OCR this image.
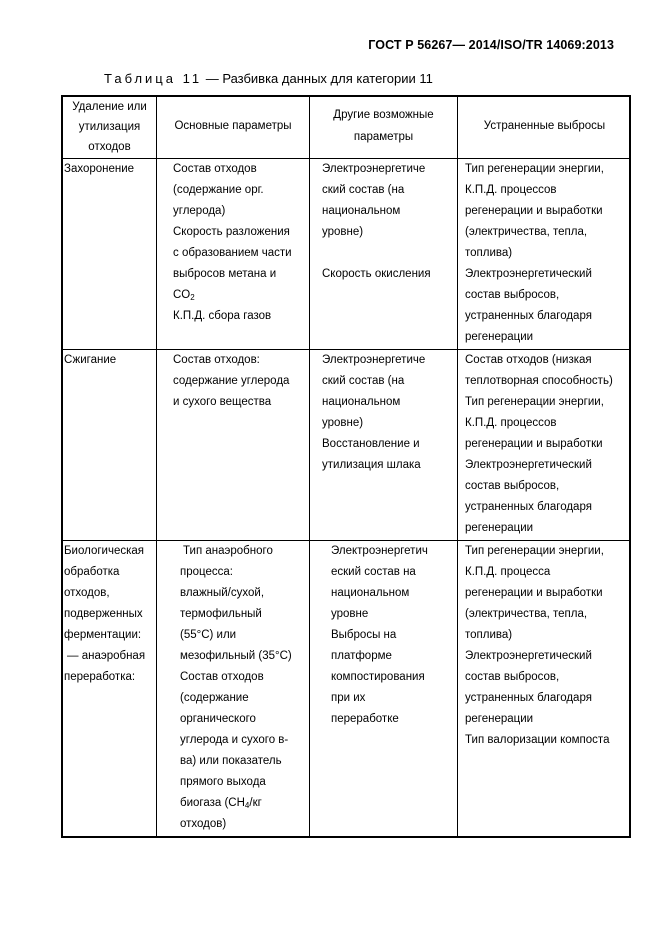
ГОСТ Р 56267— 2014/ISO/TR 14069:2013
Таблица 11 — Разбивка данных для категории 11
Удаление или
утилизация
отходов
Основные параметры
Другие возможные
параметры
Устраненные выбросы
Захоронение	Состав отходов
(содержание орг.
углерода)
Скорость разложения
с образованием части
выбросов метана и
$CO_2$
К.П.Д. сбора газов
Электроэнергетиче
ский состав (на
национальном
уровне)
Скорость окисления
Тип регенерации энергии,
К.П.Д. процессов
регенерации и выработки
(электричества, тепла,
топлива)
Электроэнергетический
состав выбросов,
устраненных благодаря
регенерации
Сжигание	Состав отходов:
содержание углерода
и сухого вещества
Электроэнергетиче
ский состав (на
национальном
уровне)
Восстановление и
утилизация шлака
Состав отходов (низкая
теплотворная способность)
Тип регенерации энергии,
К.П.Д. процессов
регенерации и выработки
Электроэнергетический
состав выбросов,
устраненных благодаря
регенерации
Биологическая
обработка
отходов,
подверженных
ферментации:
— анаэробная
переработка:
Тип анаэробного
процесса:
влажный/сухой,
термофильный
(55°С) или
мезофильный (35°С)
Состав отходов
(содержание
органического
углерода и сухого в-
ва) или показатель
прямого выхода
биогаза ($CH_4/кг$
отходов)
Электроэнергетич
еский состав на
национальном
уровне
Выбросы на
платформе
компостирования
при их
переработке
Тип регенерации энергии,
К.П.Д. процесса
регенерации и выработки
(электричества, тепла,
топлива)
Электроэнергетический
состав выбросов,
устраненных благодаря
регенерации
Тип валоризации компоста
